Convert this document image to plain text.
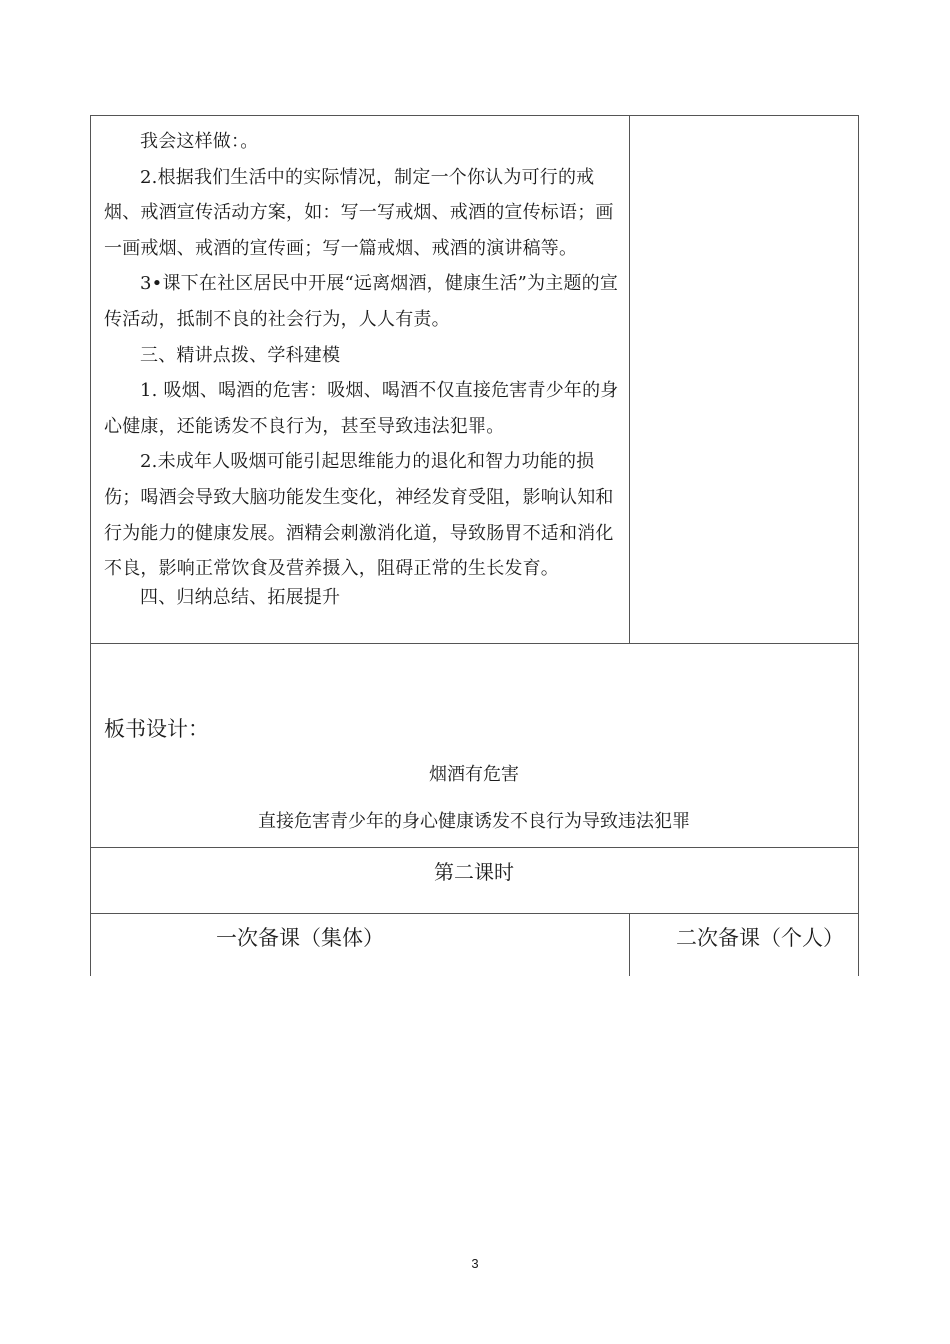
我会这样做：。

2.根据我们生活中的实际情况，制定一个你认为可行的戒烟、戒酒宣传活动方案，如：写一写戒烟、戒酒的宣传标语；画一画戒烟、戒酒的宣传画；写一篇戒烟、戒酒的演讲稿等。

3•课下在社区居民中开展“远离烟酒，健康生活”为主题的宣传活动，抵制不良的社会行为，人人有责。

三、精讲点拨、学科建模

1. 吸烟、喝酒的危害：吸烟、喝酒不仅直接危害青少年的身心健康，还能诱发不良行为，甚至导致违法犯罪。

2.未成年人吸烟可能引起思维能力的退化和智力功能的损伤；喝酒会导致大脑功能发生变化，神经发育受阻，影响认知和行为能力的健康发展。酒精会刺激消化道，导致肠胃不适和消化不良，影响正常饮食及营养摄入，阻碍正常的生长发育。

四、归纳总结、拓展提升

板书设计：
烟酒有危害
直接危害青少年的身心健康诱发不良行为导致违法犯罪
第二课时
一次备课（集体）	二次备课（个人）
3
